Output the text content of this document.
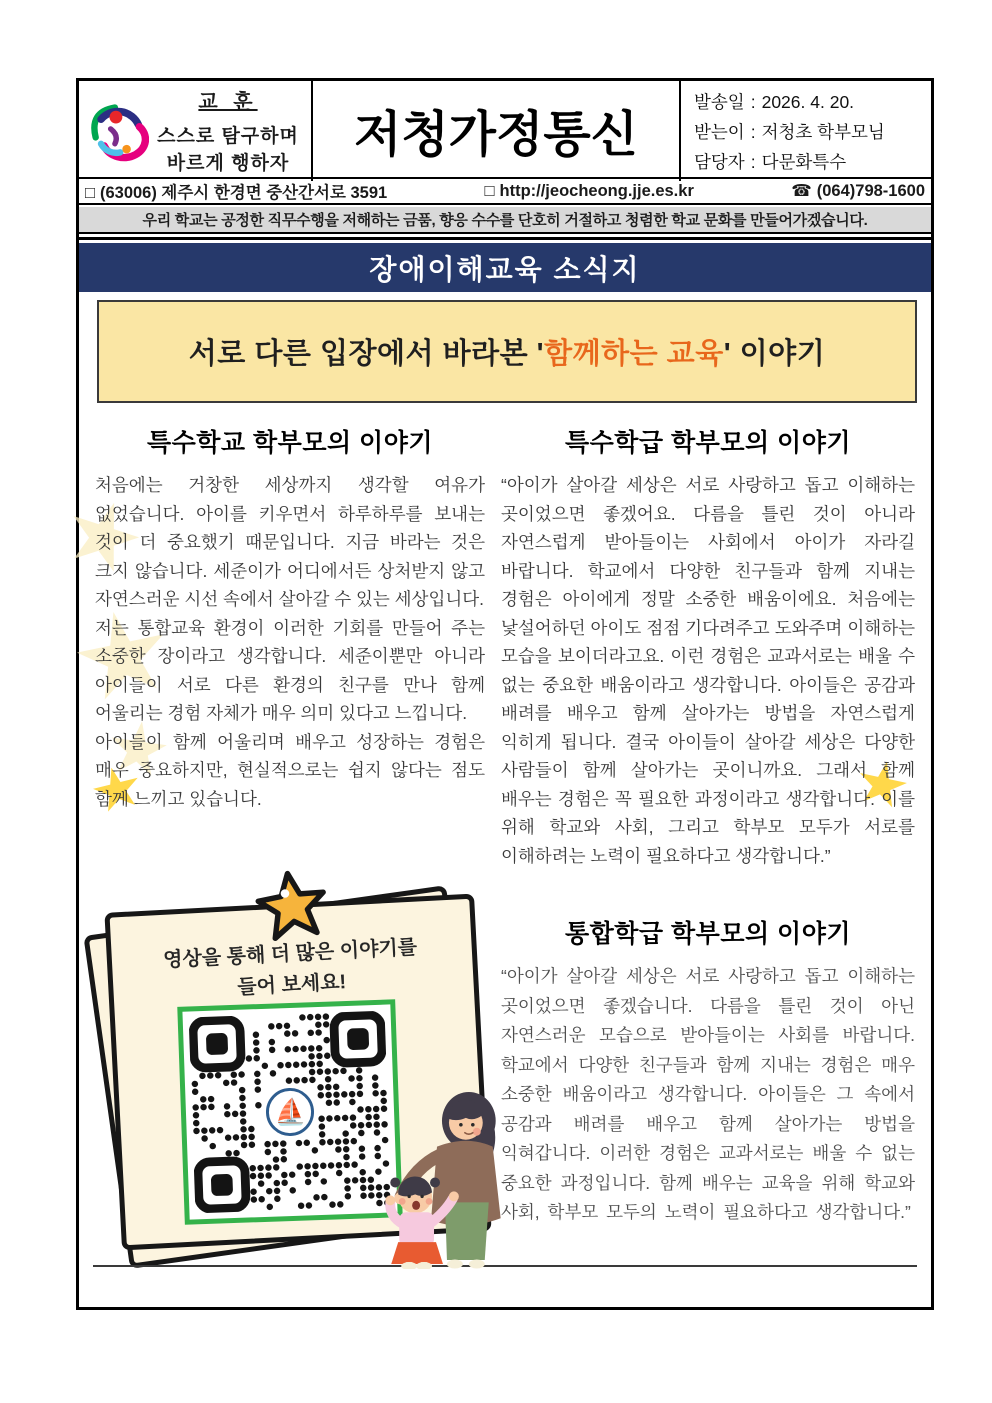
교 훈
스스로 탐구하며
바르게 행하자
저청가정통신
발송일 : 2026. 4. 20.
받는이 : 저청초 학부모님
담당자 : 다문화특수
□ (63006) 제주시 한경면 중산간서로 3591	□ http://jeocheong.jje.es.kr	☎ (064)798-1600
우리 학교는 공정한 직무수행을 저해하는 금품, 향응 수수를 단호히 거절하고 청렴한 학교 문화를 만들어가겠습니다.
장애이해교육 소식지
서로 다른 입장에서 바라본 '함께하는 교육' 이야기
특수학교 학부모의 이야기

처음에는 거창한 세상까지 생각할 여유가 없었습니다. 아이를 키우면서 하루하루를 보내는 것이 더 중요했기 때문입니다. 지금 바라는 것은 크지 않습니다. 세준이가 어디에서든 상처받지 않고 자연스러운 시선 속에서 살아갈 수 있는 세상입니다.

저는 통합교육 환경이 이러한 기회를 만들어 주는 소중한 장이라고 생각합니다. 세준이뿐만 아니라 아이들이 서로 다른 환경의 친구를 만나 함께 어울리는 경험 자체가 매우 의미 있다고 느낍니다.

아이들이 함께 어울리며 배우고 성장하는 경험은 매우 중요하지만, 현실적으로는 쉽지 않다는 점도 함께 느끼고 있습니다.

특수학급 학부모의 이야기

“아이가 살아갈 세상은 서로 사랑하고 돕고 이해하는 곳이었으면 좋겠어요. 다름을 틀린 것이 아니라 자연스럽게 받아들이는 사회에서 아이가 자라길 바랍니다. 학교에서 다양한 친구들과 함께 지내는 경험은 아이에게 정말 소중한 배움이에요. 처음에는 낯설어하던 아이도 점점 기다려주고 도와주며 이해하는 모습을 보이더라고요. 이런 경험은 교과서로는 배울 수 없는 중요한 배움이라고 생각합니다. 아이들은 공감과 배려를 배우고 함께 살아가는 방법을 자연스럽게 익히게 됩니다. 결국 아이들이 살아갈 세상은 다양한 사람들이 함께 살아가는 곳이니까요. 그래서 함께 배우는 경험은 꼭 필요한 과정이라고 생각합니다. 이를 위해 학교와 사회, 그리고 학부모 모두가 서로를 이해하려는 노력이 필요하다고 생각합니다.”

통합학급 학부모의 이야기

“아이가 살아갈 세상은 서로 사랑하고 돕고 이해하는 곳이었으면 좋겠습니다. 다름을 틀린 것이 아닌 자연스러운 모습으로 받아들이는 사회를 바랍니다. 학교에서 다양한 친구들과 함께 지내는 경험은 매우 소중한 배움이라고 생각합니다. 아이들은 그 속에서 공감과 배려를 배우고 함께 살아가는 방법을 익혀갑니다. 이러한 경험은 교과서로는 배울 수 없는 중요한 과정입니다. 함께 배우는 교육을 위해 학교와 사회, 학부모 모두의 노력이 필요하다고 생각합니다.”

영상을 통해 더 많은 이야기를
들어 보세요!
⛵
